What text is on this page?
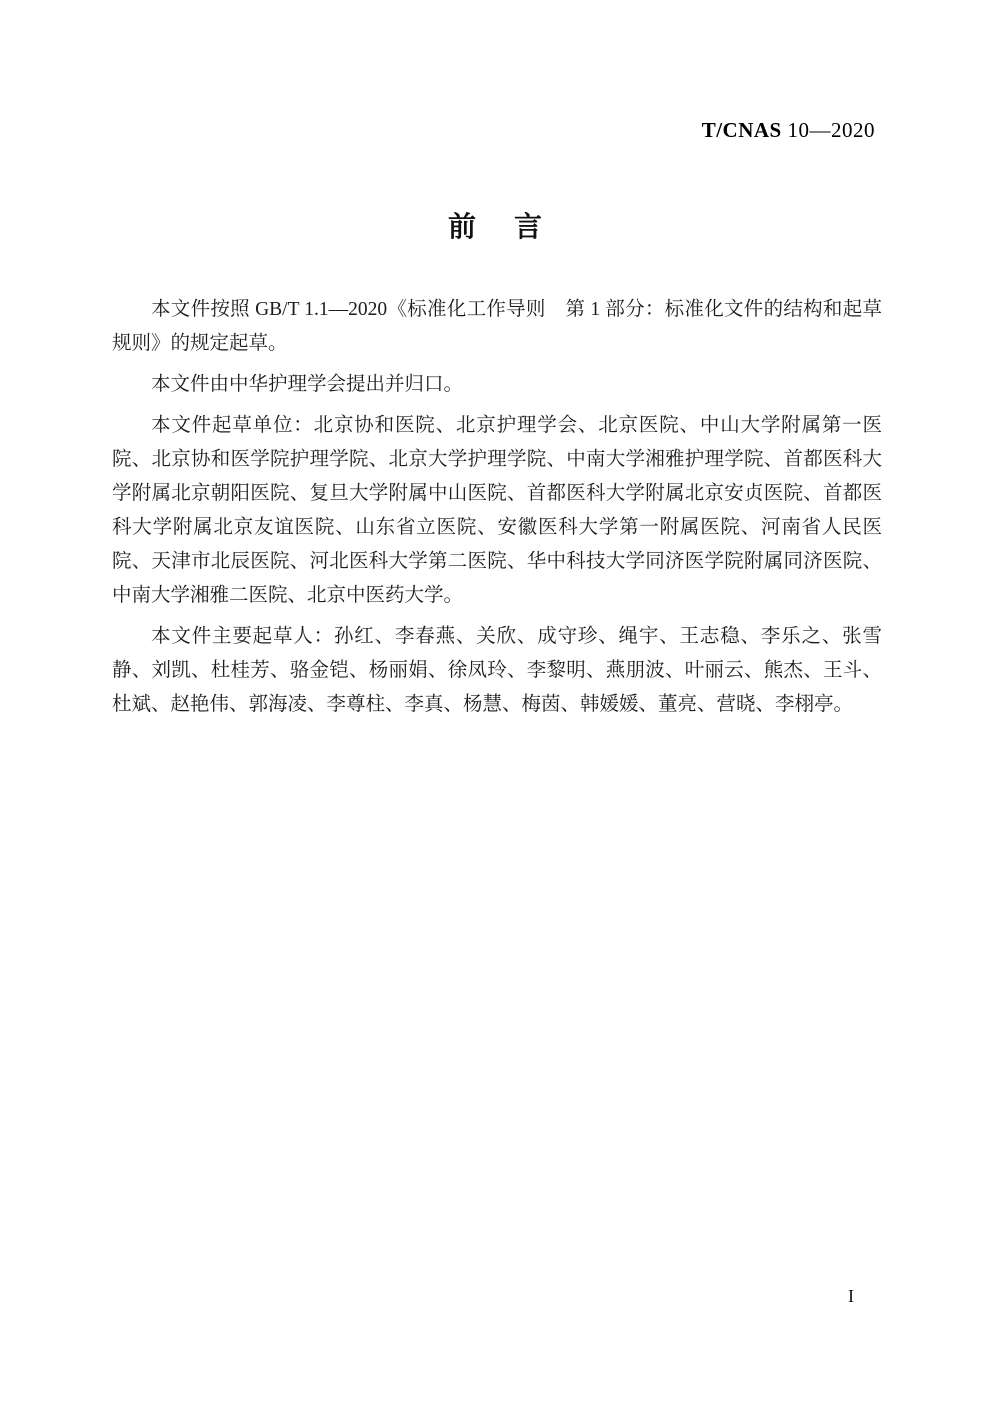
T/CNAS 10—2020
前    言

本文件按照 GB/T 1.1—2020《标准化工作导则　第 1 部分：标准化文件的结构和起草规则》的规定起草。

本文件由中华护理学会提出并归口。

本文件起草单位：北京协和医院、北京护理学会、北京医院、中山大学附属第一医院、北京协和医学院护理学院、北京大学护理学院、中南大学湘雅护理学院、首都医科大学附属北京朝阳医院、复旦大学附属中山医院、首都医科大学附属北京安贞医院、首都医科大学附属北京友谊医院、山东省立医院、安徽医科大学第一附属医院、河南省人民医院、天津市北辰医院、河北医科大学第二医院、华中科技大学同济医学院附属同济医院、中南大学湘雅二医院、北京中医药大学。

本文件主要起草人：孙红、李春燕、关欣、成守珍、绳宇、王志稳、李乐之、张雪静、刘凯、杜桂芳、骆金铠、杨丽娟、徐凤玲、李黎明、燕朋波、叶丽云、熊杰、王斗、杜斌、赵艳伟、郭海凌、李尊柱、李真、杨慧、梅茵、韩媛媛、董亮、营晓、李栩亭。

I
